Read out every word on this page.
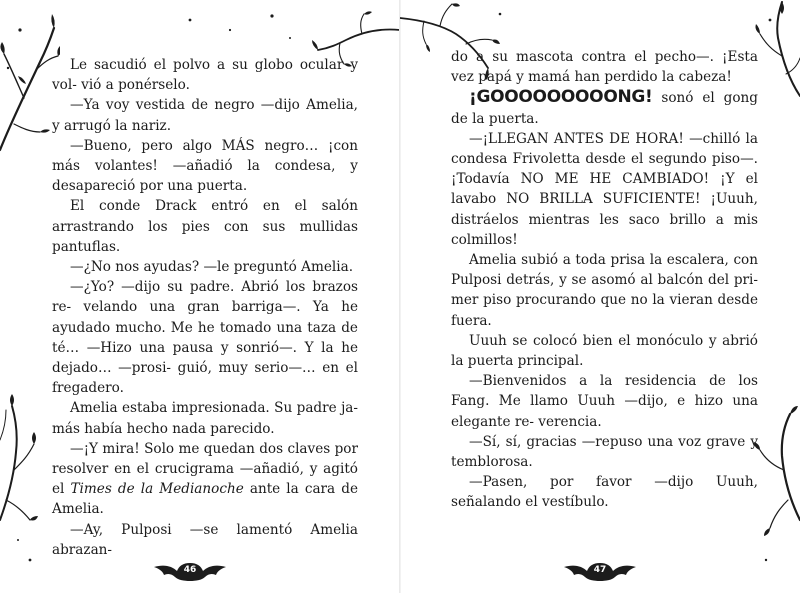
Le sacudió el polvo a su globo ocular y vol- vió a ponérselo.

—Ya voy vestida de negro —dijo Amelia, y arrugó la nariz.

—Bueno, pero algo MÁS negro… ¡con más volantes! —añadió la condesa, y desapareció por una puerta.

El conde Drack entró en el salón arrastrando los pies con sus mullidas pantuflas.

—¿No nos ayudas? —le preguntó Amelia.

—¿Yo? —dijo su padre. Abrió los brazos re- velando una gran barriga—. Ya he ayudado mucho. Me he tomado una taza de té… —Hizo una pausa y sonrió—. Y la he dejado… —prosi- guió, muy serio—… en el fregadero.

Amelia estaba impresionada. Su padre ja- más había hecho nada parecido.

—¡Y mira! Solo me quedan dos claves por resolver en el crucigrama —añadió, y agitó el Times de la Medianoche ante la cara de Amelia.

—Ay, Pulposi —se lamentó Amelia abrazan-

46

do a su mascota contra el pecho—. ¡Esta vez papá y mamá han perdido la cabeza!

¡GOOOOOOOOONG! sonó el gong de la puerta.

—¡LLEGAN ANTES DE HORA! —chilló la condesa Frivoletta desde el segundo piso—. ¡Todavía NO ME HE CAMBIADO! ¡Y el lavabo NO BRILLA SUFICIENTE! ¡Uuuh, distráelos mientras les saco brillo a mis colmillos!

Amelia subió a toda prisa la escalera, con Pulposi detrás, y se asomó al balcón del pri- mer piso procurando que no la vieran desde fuera.

Uuuh se colocó bien el monóculo y abrió la puerta principal.

—Bienvenidos a la residencia de los Fang. Me llamo Uuuh —dijo, e hizo una elegante re- verencia.

—Sí, sí, gracias —repuso una voz grave y temblorosa.

—Pasen, por favor —dijo Uuuh, señalando el vestíbulo.

47
